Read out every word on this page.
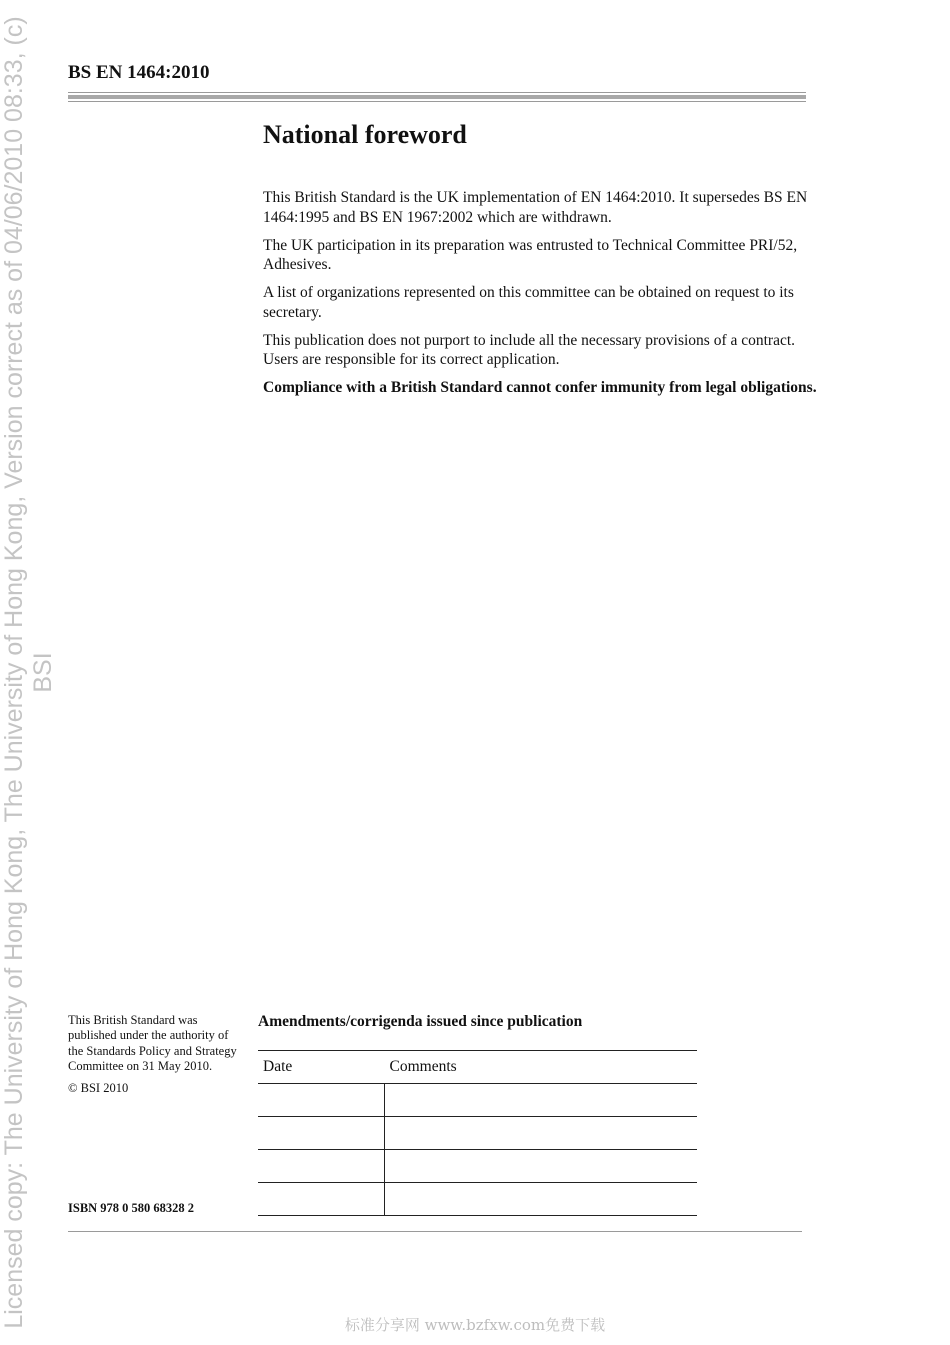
Licensed copy: The University of Hong Kong, The University of Hong Kong, Version correct as of 04/06/2010 08:33, (c) BSI
BS EN 1464:2010
National foreword

This British Standard is the UK implementation of EN 1464:2010. It supersedes BS EN 1464:1995 and BS EN 1967:2002 which are withdrawn.

The UK participation in its preparation was entrusted to Technical Committee PRI/52, Adhesives.

A list of organizations represented on this committee can be obtained on request to its secretary.

This publication does not purport to include all the necessary provisions of a contract. Users are responsible for its correct application.

Compliance with a British Standard cannot confer immunity from legal obligations.

This British Standard was published under the authority of the Standards Policy and Strategy Committee on 31 May 2010.

© BSI 2010

ISBN 978 0 580 68328 2
Amendments/corrigenda issued since publication
Date	Comments

标准分享网 www.bzfxw.com免费下载
